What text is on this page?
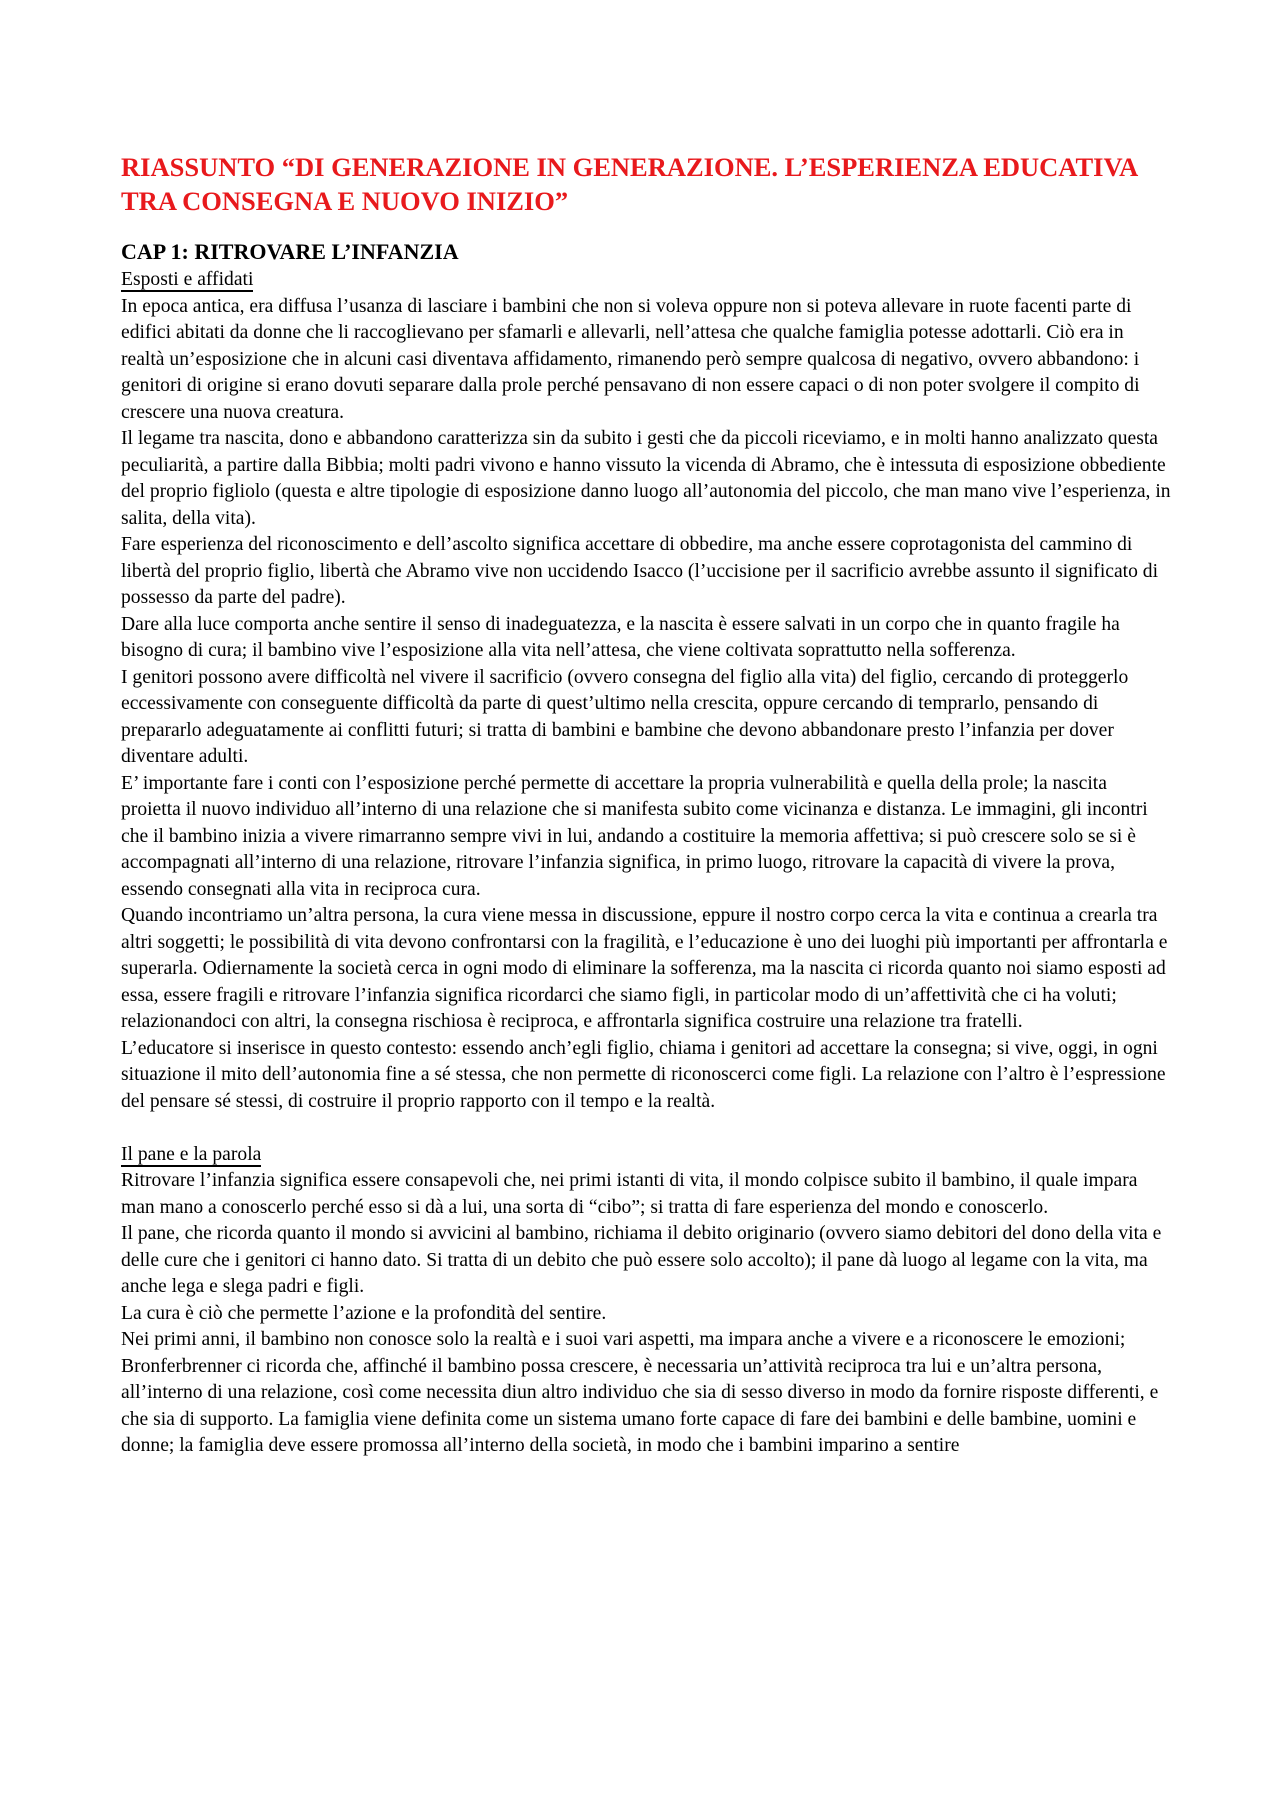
RIASSUNTO “DI GENERAZIONE IN GENERAZIONE. L’ESPERIENZA EDUCATIVA TRA CONSEGNA E NUOVO INIZIO”
CAP 1: RITROVARE L’INFANZIA
Esposti e affidati

In epoca antica, era diffusa l’usanza di lasciare i bambini che non si voleva oppure non si poteva allevare in ruote facenti parte di edifici abitati da donne che li raccoglievano per sfamarli e allevarli, nell’attesa che qualche famiglia potesse adottarli. Ciò era in realtà un’esposizione che in alcuni casi diventava affidamento, rimanendo però sempre qualcosa di negativo, ovvero abbandono: i genitori di origine si erano dovuti separare dalla prole perché pensavano di non essere capaci o di non poter svolgere il compito di crescere una nuova creatura.

Il legame tra nascita, dono e abbandono caratterizza sin da subito i gesti che da piccoli riceviamo, e in molti hanno analizzato questa peculiarità, a partire dalla Bibbia; molti padri vivono e hanno vissuto la vicenda di Abramo, che è intessuta di esposizione obbediente del proprio figliolo (questa e altre tipologie di esposizione danno luogo all’autonomia del piccolo, che man mano vive l’esperienza, in salita, della vita).

Fare esperienza del riconoscimento e dell’ascolto significa accettare di obbedire, ma anche essere coprotagonista del cammino di libertà del proprio figlio, libertà che Abramo vive non uccidendo Isacco (l’uccisione per il sacrificio avrebbe assunto il significato di possesso da parte del padre).

Dare alla luce comporta anche sentire il senso di inadeguatezza, e la nascita è essere salvati in un corpo che in quanto fragile ha bisogno di cura; il bambino vive l’esposizione alla vita nell’attesa, che viene coltivata soprattutto nella sofferenza.

I genitori possono avere difficoltà nel vivere il sacrificio (ovvero consegna del figlio alla vita) del figlio, cercando di proteggerlo eccessivamente con conseguente difficoltà da parte di quest’ultimo nella crescita, oppure cercando di temprarlo, pensando di prepararlo adeguatamente ai conflitti futuri; si tratta di bambini e bambine che devono abbandonare presto l’infanzia per dover diventare adulti.

E’ importante fare i conti con l’esposizione perché permette di accettare la propria vulnerabilità e quella della prole; la nascita proietta il nuovo individuo all’interno di una relazione che si manifesta subito come vicinanza e distanza. Le immagini, gli incontri che il bambino inizia a vivere rimarranno sempre vivi in lui, andando a costituire la memoria affettiva; si può crescere solo se si è accompagnati all’interno di una relazione, ritrovare l’infanzia significa, in primo luogo, ritrovare la capacità di vivere la prova, essendo consegnati alla vita in reciproca cura.

Quando incontriamo un’altra persona, la cura viene messa in discussione, eppure il nostro corpo cerca la vita e continua a crearla tra altri soggetti; le possibilità di vita devono confrontarsi con la fragilità, e l’educazione è uno dei luoghi più importanti per affrontarla e superarla. Odiernamente la società cerca in ogni modo di eliminare la sofferenza, ma la nascita ci ricorda quanto noi siamo esposti ad essa, essere fragili e ritrovare l’infanzia significa ricordarci che siamo figli, in particolar modo di un’affettività che ci ha voluti; relazionandoci con altri, la consegna rischiosa è reciproca, e affrontarla significa costruire una relazione tra fratelli.

L’educatore si inserisce in questo contesto: essendo anch’egli figlio, chiama i genitori ad accettare la consegna; si vive, oggi, in ogni situazione il mito dell’autonomia fine a sé stessa, che non permette di riconoscerci come figli. La relazione con l’altro è l’espressione del pensare sé stessi, di costruire il proprio rapporto con il tempo e la realtà.

Il pane e la parola

Ritrovare l’infanzia significa essere consapevoli che, nei primi istanti di vita, il mondo colpisce subito il bambino, il quale impara man mano a conoscerlo perché esso si dà a lui, una sorta di “cibo”; si tratta di fare esperienza del mondo e conoscerlo.

Il pane, che ricorda quanto il mondo si avvicini al bambino, richiama il debito originario (ovvero siamo debitori del dono della vita e delle cure che i genitori ci hanno dato. Si tratta di un debito che può essere solo accolto); il pane dà luogo al legame con la vita, ma anche lega e slega padri e figli.

La cura è ciò che permette l’azione e la profondità del sentire.

Nei primi anni, il bambino non conosce solo la realtà e i suoi vari aspetti, ma impara anche a vivere e a riconoscere le emozioni; Bronferbrenner ci ricorda che, affinché il bambino possa crescere, è necessaria un’attività reciproca tra lui e un’altra persona, all’interno di una relazione, così come necessita diun altro individuo che sia di sesso diverso in modo da fornire risposte differenti, e che sia di supporto. La famiglia viene definita come un sistema umano forte capace di fare dei bambini e delle bambine, uomini e donne; la famiglia deve essere promossa all’interno della società, in modo che i bambini imparino a sentire
